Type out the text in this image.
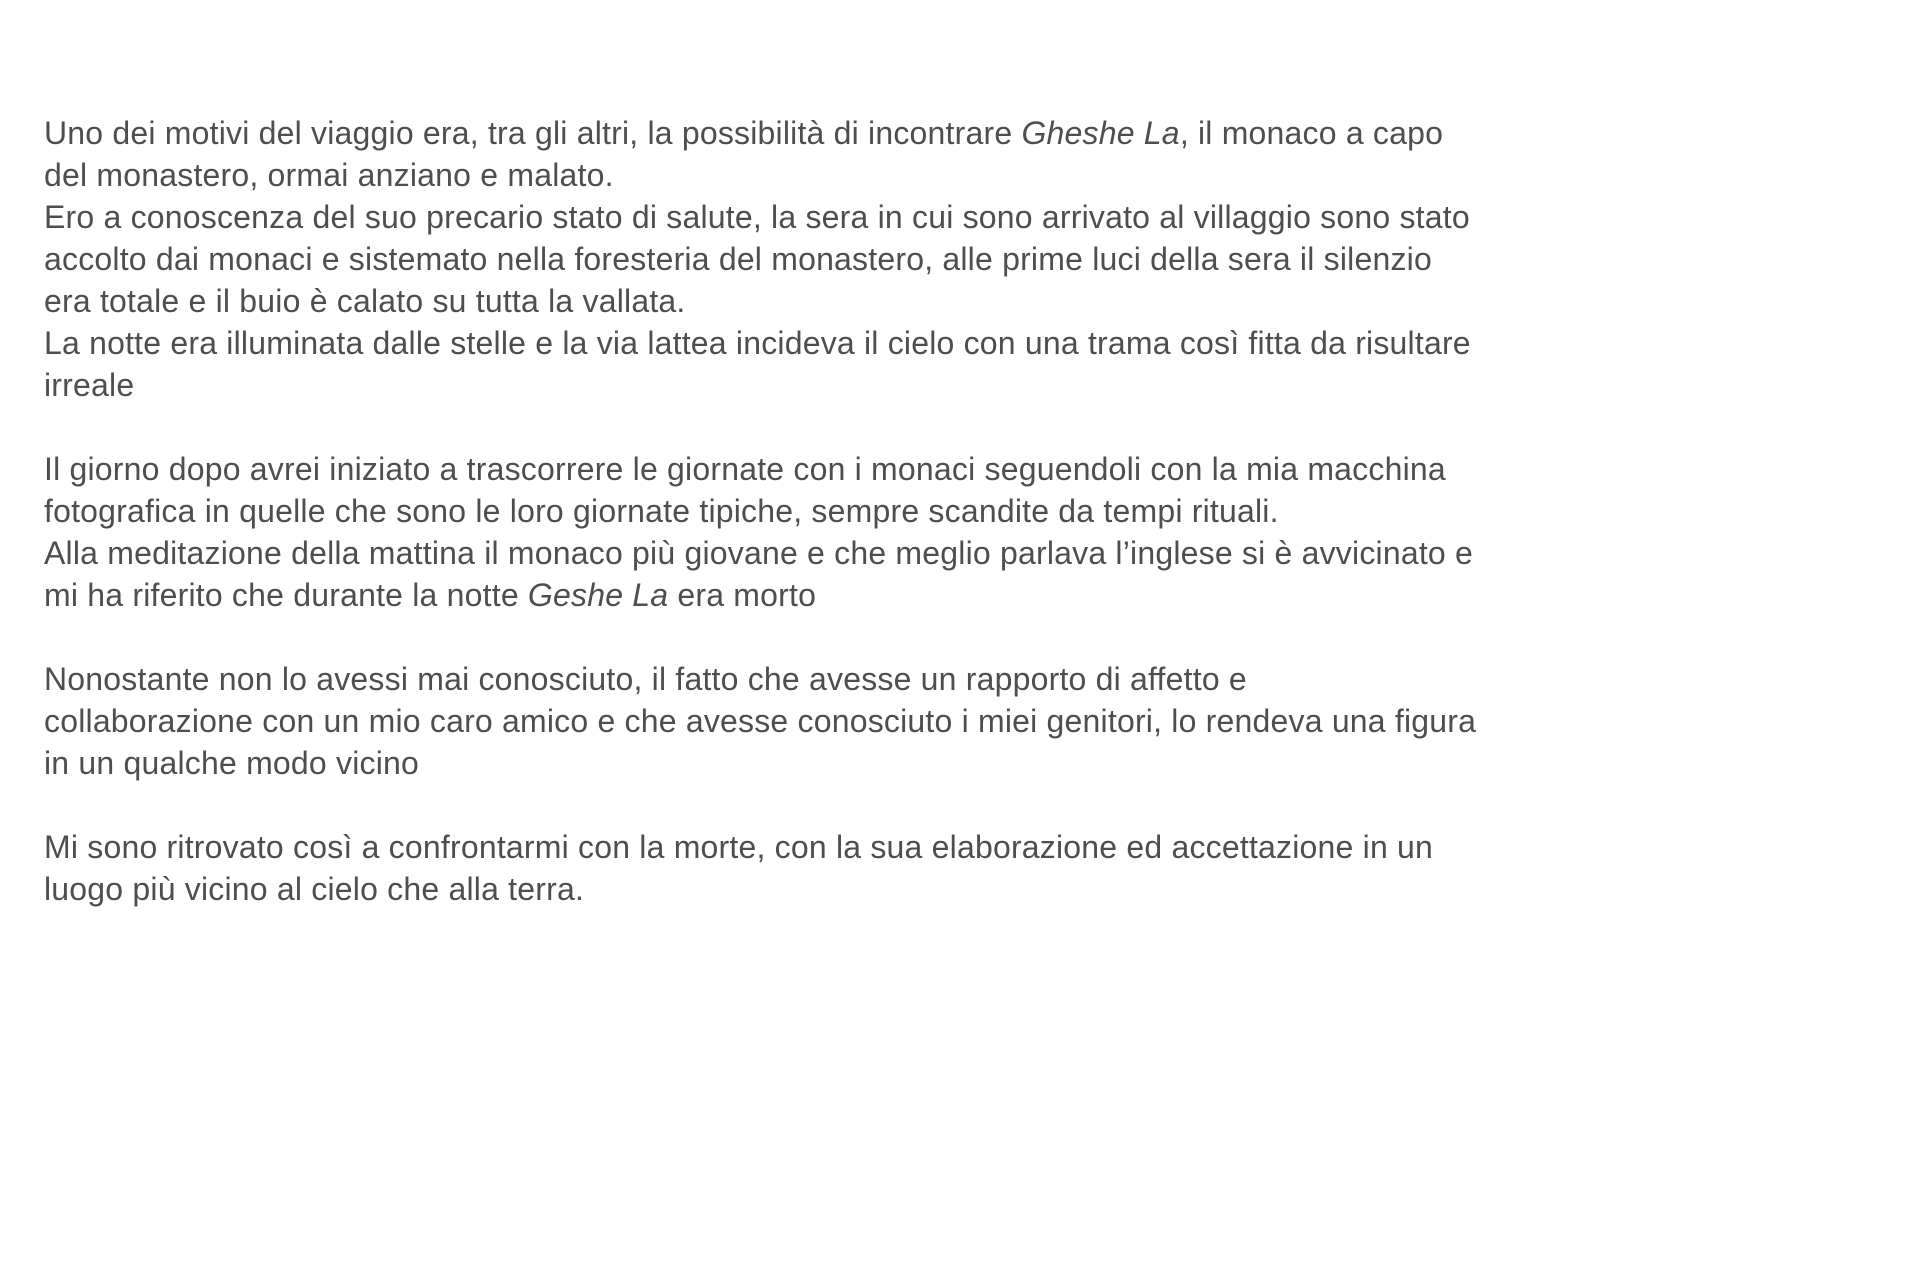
Uno dei motivi del viaggio era, tra gli altri, la possibilità di incontrare Gheshe La, il monaco a capo
del monastero, ormai anziano e malato.
Ero a conoscenza del suo precario stato di salute, la sera in cui sono arrivato al villaggio sono stato
accolto dai monaci e sistemato nella foresteria del monastero, alle prime luci della sera il silenzio
era totale e il buio è calato su tutta la vallata.
La notte era illuminata dalle stelle e la via lattea incideva il cielo con una trama così fitta da risultare
irreale
Il giorno dopo avrei iniziato a trascorrere le giornate con i monaci seguendoli con la mia macchina
fotografica in quelle che sono le loro giornate tipiche, sempre scandite da tempi rituali.
Alla meditazione della mattina il monaco più giovane e che meglio parlava l’inglese si è avvicinato e
mi ha riferito che durante la notte Geshe La era morto
Nonostante non lo avessi mai conosciuto, il fatto che avesse un rapporto di affetto e
collaborazione con un mio caro amico e che avesse conosciuto i miei genitori, lo rendeva una figura
in un qualche modo vicino
Mi sono ritrovato così a confrontarmi con la morte, con la sua elaborazione ed accettazione in un
luogo più vicino al cielo che alla terra.
